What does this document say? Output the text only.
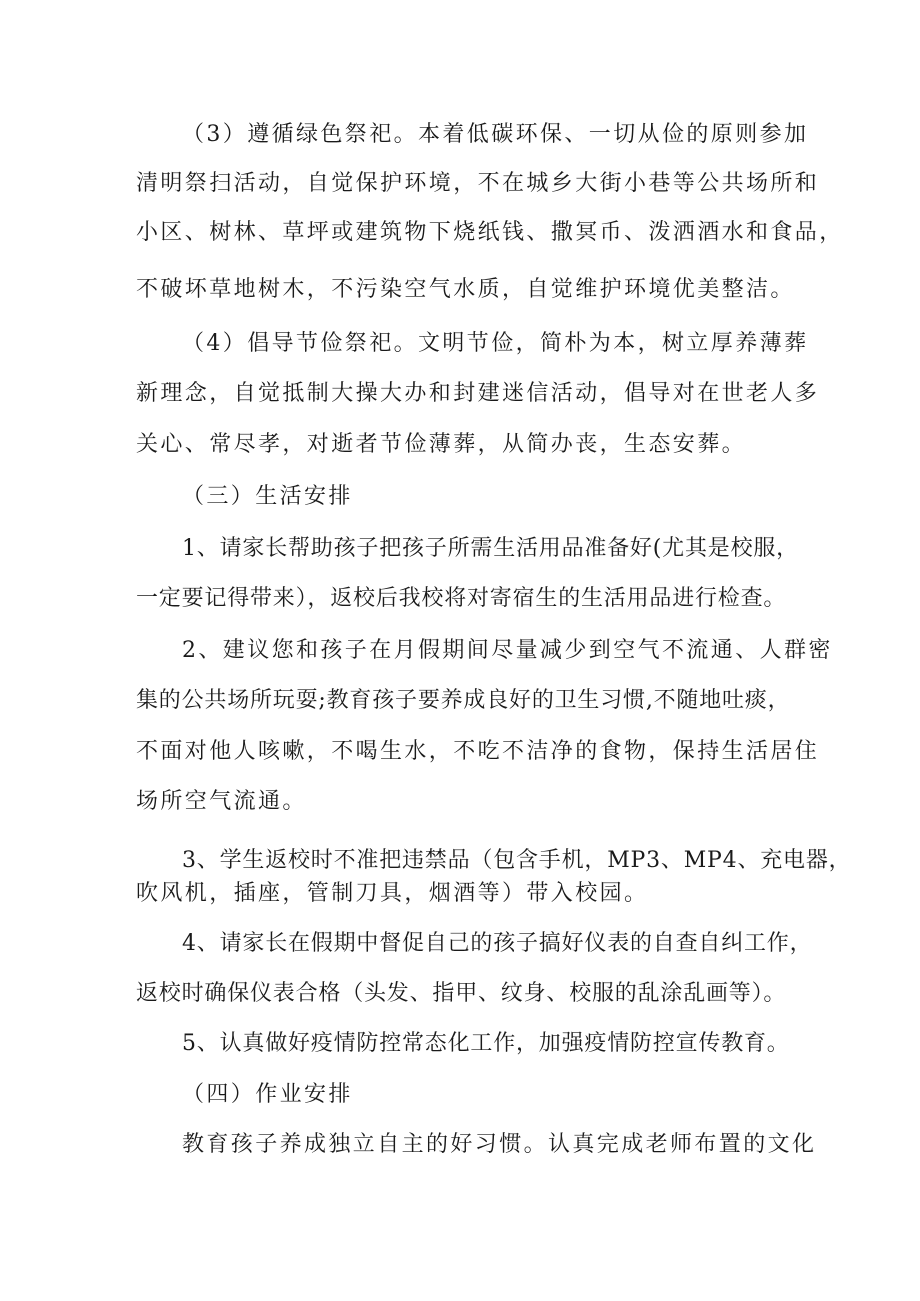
（3）遵循绿色祭祀。本着低碳环保、一切从俭的原则参加
清明祭扫活动，自觉保护环境，不在城乡大街小巷等公共场所和
小区、树林、草坪或建筑物下烧纸钱、撒冥币、泼洒酒水和食品，
不破坏草地树木，不污染空气水质，自觉维护环境优美整洁。
（4）倡导节俭祭祀。文明节俭，简朴为本，树立厚养薄葬
新理念，自觉抵制大操大办和封建迷信活动，倡导对在世老人多
关心、常尽孝，对逝者节俭薄葬，从简办丧，生态安葬。
（三）生活安排
1、请家长帮助孩子把孩子所需生活用品准备好(尤其是校服，
一定要记得带来），返校后我校将对寄宿生的生活用品进行检查。
2、建议您和孩子在月假期间尽量减少到空气不流通、人群密
集的公共场所玩耍;教育孩子要养成良好的卫生习惯,不随地吐痰，
不面对他人咳嗽，不喝生水，不吃不洁净的食物，保持生活居住
场所空气流通。
3、学生返校时不准把违禁品（包含手机，MP3、MP4、充电器，
吹风机，插座，管制刀具，烟酒等）带入校园。
4、请家长在假期中督促自己的孩子搞好仪表的自查自纠工作，
返校时确保仪表合格（头发、指甲、纹身、校服的乱涂乱画等）。
5、认真做好疫情防控常态化工作，加强疫情防控宣传教育。
（四）作业安排
教育孩子养成独立自主的好习惯。认真完成老师布置的文化
